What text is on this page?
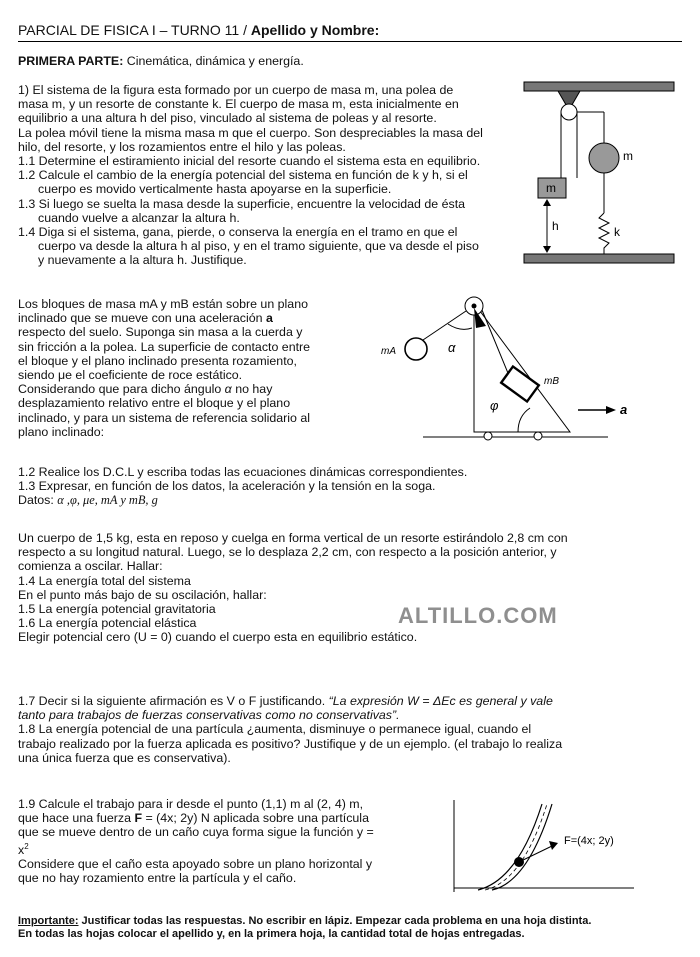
PARCIAL DE FISICA I – TURNO 11 / Apellido y Nombre:
PRIMERA PARTE: Cinemática, dinámica y energía.

1) El sistema de la figura esta formado por un cuerpo de masa m, una polea de

masa m, y un resorte de constante k. El cuerpo de masa m, esta inicialmente en

equilibrio a una altura h del piso, vinculado al sistema de poleas y al resorte.

La polea móvil tiene la misma masa m que el cuerpo. Son despreciables la masa del

hilo, del resorte, y los rozamientos entre el hilo y las poleas.

1.1 Determine el estiramiento inicial del resorte cuando el sistema esta en equilibrio.

1.2 Calcule el cambio de la energía potencial del sistema en función de k y h, si el

cuerpo es movido verticalmente hasta apoyarse en la superficie.

1.3 Si luego se suelta la masa desde la superficie, encuentre la velocidad de ésta

cuando vuelve a alcanzar la altura h.

1.4 Diga si el sistema, gana, pierde, o conserva la energía en el tramo en que el

cuerpo va desde la altura h al piso, y en el tramo siguiente, que va desde el piso

y nuevamente a la altura h. Justifique.

m
k
m
h

Los bloques de masa mA y mB están sobre un plano

inclinado que se mueve con una aceleración a

respecto del suelo. Suponga sin masa a la cuerda y

sin fricción a la polea. La superficie de contacto entre

el bloque y el plano inclinado presenta rozamiento,

siendo μe el coeficiente de roce estático.

Considerando que para dicho ángulo α no hay

desplazamiento relativo entre el bloque y el plano

inclinado, y para un sistema de referencia solidario al

plano inclinado:

1.2 Realice los D.C.L y escriba todas las ecuaciones dinámicas correspondientes.

1.3 Expresar, en función de los datos, la aceleración y la tensión en la soga.

Datos: α ,φ, μe, mA y mB, g

mA
mB
α
φ	a

Un cuerpo de 1,5 kg, esta en reposo y cuelga en forma vertical de un resorte estirándolo 2,8 cm con

respecto a su longitud natural. Luego, se lo desplaza 2,2 cm, con respecto a la posición anterior, y

comienza a oscilar. Hallar:

1.4 La energía total del sistema

En el punto más bajo de su oscilación, hallar:

1.5 La energía potencial gravitatoria

1.6 La energía potencial elástica

Elegir potencial cero (U = 0) cuando el cuerpo esta en equilibrio estático.

ALTILLO.COM

1.7 Decir si la siguiente afirmación es V o F justificando. “La expresión W = ΔEc es general y vale

tanto para trabajos de fuerzas conservativas como no conservativas”.

1.8 La energía potencial de una partícula ¿aumenta, disminuye o permanece igual, cuando el

trabajo realizado por la fuerza aplicada es positivo? Justifique y de un ejemplo. (el trabajo lo realiza

una única fuerza que es conservativa).

1.9 Calcule el trabajo para ir desde el punto (1,1) m al (2, 4) m,

que hace una fuerza F = (4x; 2y) N aplicada sobre una partícula

que se mueve dentro de un caño cuya forma sigue la función y =

$x^2$

Considere que el caño esta apoyado sobre un plano horizontal y

que no hay rozamiento entre la partícula y el caño.

F=(4x; 2y)

Importante: Justificar todas las respuestas. No escribir en lápiz. Empezar cada problema en una hoja distinta.

En todas las hojas colocar el apellido y, en la primera hoja, la cantidad total de hojas entregadas.
